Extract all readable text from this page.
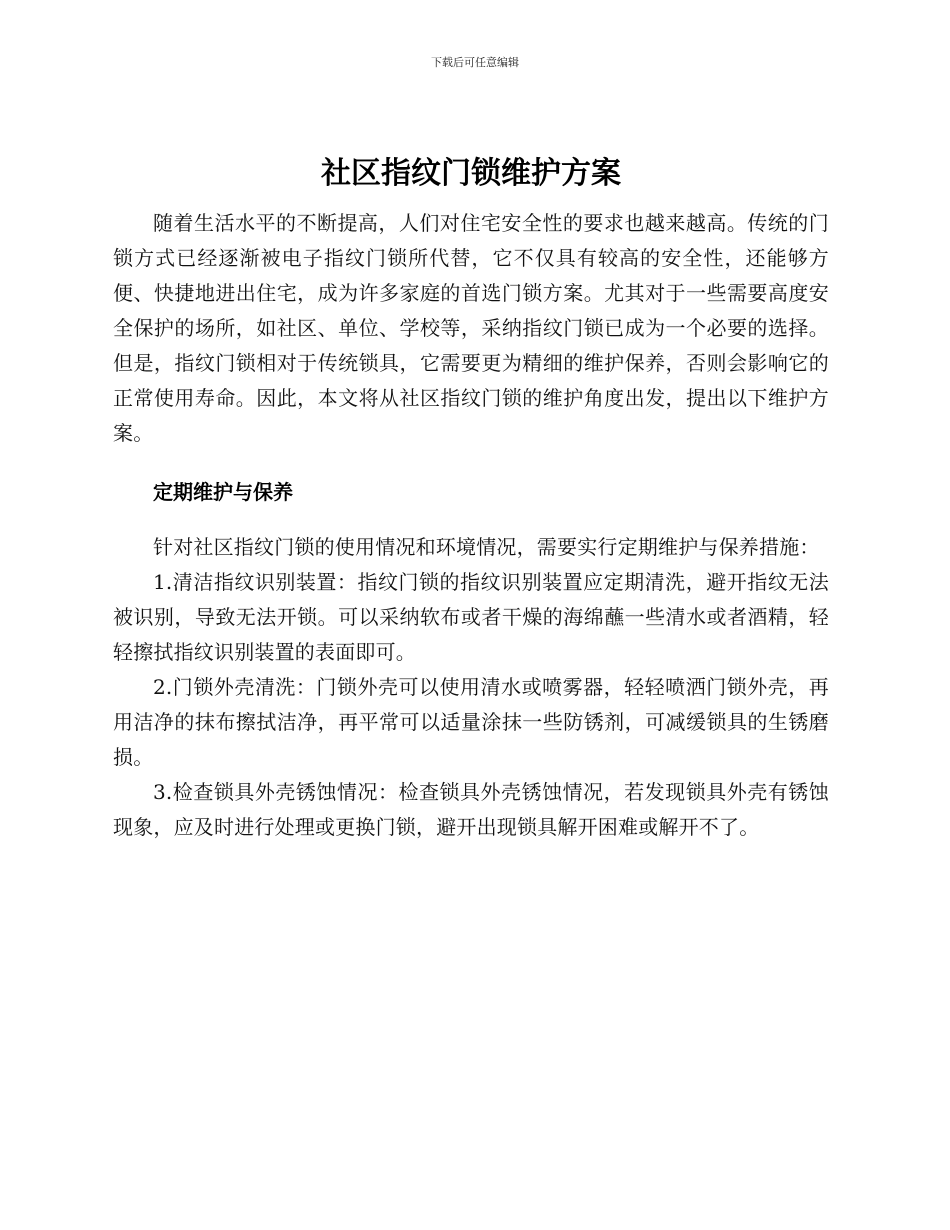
下载后可任意编辑
社区指纹门锁维护方案

随着生活水平的不断提高，人们对住宅安全性的要求也越来越高。传统的门锁方式已经逐渐被电子指纹门锁所代替，它不仅具有较高的安全性，还能够方便、快捷地进出住宅，成为许多家庭的首选门锁方案。尤其对于一些需要高度安全保护的场所，如社区、单位、学校等，采纳指纹门锁已成为一个必要的选择。但是，指纹门锁相对于传统锁具，它需要更为精细的维护保养，否则会影响它的正常使用寿命。因此，本文将从社区指纹门锁的维护角度出发，提出以下维护方案。

定期维护与保养

针对社区指纹门锁的使用情况和环境情况，需要实行定期维护与保养措施：

1.清洁指纹识别装置：指纹门锁的指纹识别装置应定期清洗，避开指纹无法被识别，导致无法开锁。可以采纳软布或者干燥的海绵蘸一些清水或者酒精，轻轻擦拭指纹识别装置的表面即可。

2.门锁外壳清洗：门锁外壳可以使用清水或喷雾器，轻轻喷洒门锁外壳，再用洁净的抹布擦拭洁净，再平常可以适量涂抹一些防锈剂，可减缓锁具的生锈磨损。

3.检查锁具外壳锈蚀情况：检查锁具外壳锈蚀情况，若发现锁具外壳有锈蚀现象，应及时进行处理或更换门锁，避开出现锁具解开困难或解开不了。
